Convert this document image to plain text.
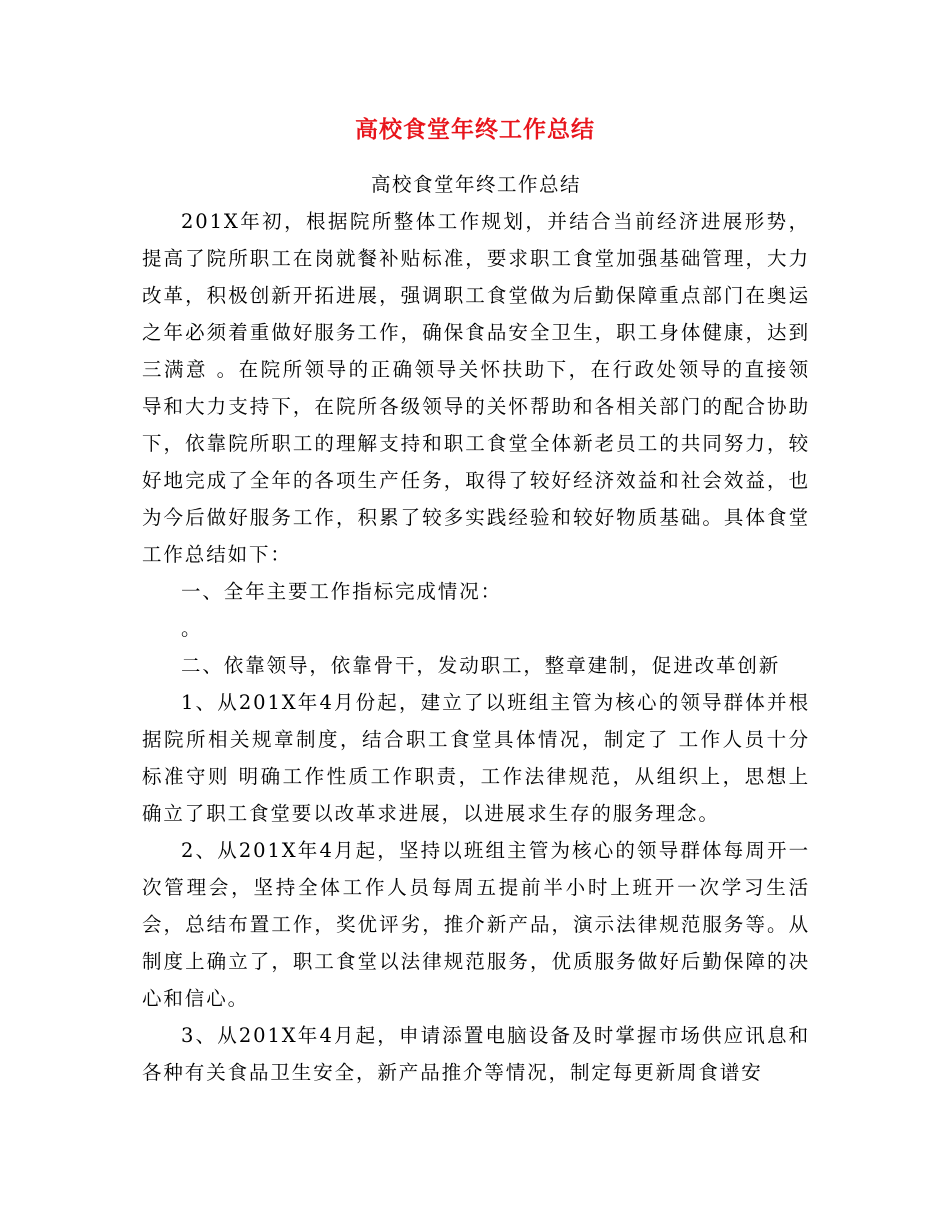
高校食堂年终工作总结

高校食堂年终工作总结

201X年初，根据院所整体工作规划，并结合当前经济进展形势，提高了院所职工在岗就餐补贴标准，要求职工食堂加强基础管理，大力改革，积极创新开拓进展，强调职工食堂做为后勤保障重点部门在奥运之年必须着重做好服务工作，确保食品安全卫生，职工身体健康，达到 三满意 。在院所领导的正确领导关怀扶助下，在行政处领导的直接领导和大力支持下，在院所各级领导的关怀帮助和各相关部门的配合协助下，依靠院所职工的理解支持和职工食堂全体新老员工的共同努力，较好地完成了全年的各项生产任务，取得了较好经济效益和社会效益，也为今后做好服务工作，积累了较多实践经验和较好物质基础。具体食堂工作总结如下：

一、全年主要工作指标完成情况：

。

二、依靠领导，依靠骨干，发动职工，整章建制，促进改革创新

1、从201X年4月份起，建立了以班组主管为核心的领导群体并根据院所相关规章制度，结合职工食堂具体情况，制定了 工作人员十分标准守则 明确工作性质工作职责，工作法律规范，从组织上，思想上确立了职工食堂要以改革求进展，以进展求生存的服务理念。

2、从201X年4月起，坚持以班组主管为核心的领导群体每周开一次管理会，坚持全体工作人员每周五提前半小时上班开一次学习生活会，总结布置工作，奖优评劣，推介新产品，演示法律规范服务等。从制度上确立了，职工食堂以法律规范服务，优质服务做好后勤保障的决心和信心。

3、从201X年4月起，申请添置电脑设备及时掌握市场供应讯息和各种有关食品卫生安全，新产品推介等情况，制定每更新周食谱安
